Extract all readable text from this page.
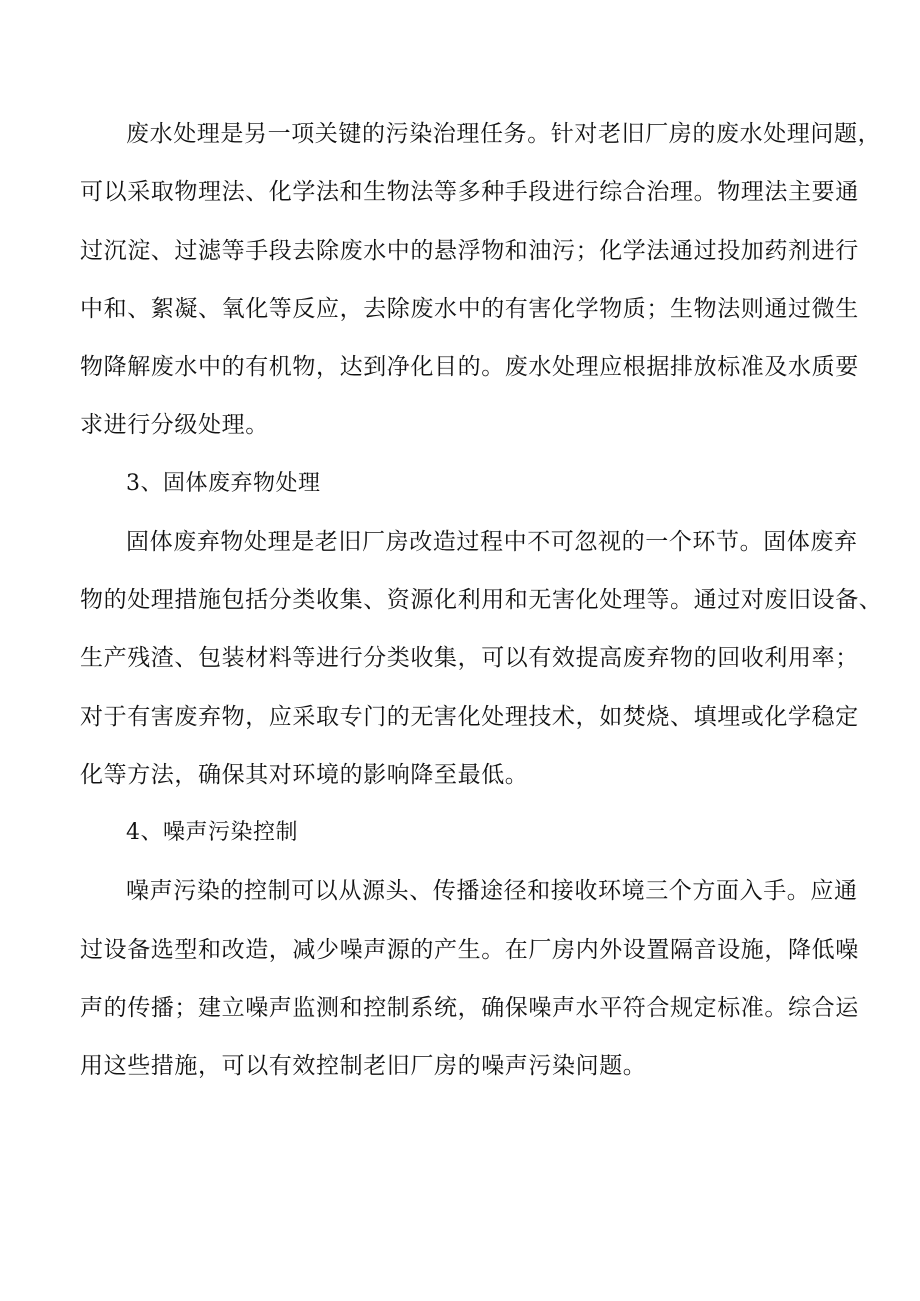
废水处理是另一项关键的污染治理任务。针对老旧厂房的废水处理问题，
可以采取物理法、化学法和生物法等多种手段进行综合治理。物理法主要通
过沉淀、过滤等手段去除废水中的悬浮物和油污；化学法通过投加药剂进行
中和、絮凝、氧化等反应，去除废水中的有害化学物质；生物法则通过微生
物降解废水中的有机物，达到净化目的。废水处理应根据排放标准及水质要
求进行分级处理。

3、固体废弃物处理

固体废弃物处理是老旧厂房改造过程中不可忽视的一个环节。固体废弃
物的处理措施包括分类收集、资源化利用和无害化处理等。通过对废旧设备、
生产残渣、包装材料等进行分类收集，可以有效提高废弃物的回收利用率；
对于有害废弃物，应采取专门的无害化处理技术，如焚烧、填埋或化学稳定
化等方法，确保其对环境的影响降至最低。

4、噪声污染控制

噪声污染的控制可以从源头、传播途径和接收环境三个方面入手。应通
过设备选型和改造，减少噪声源的产生。在厂房内外设置隔音设施，降低噪
声的传播；建立噪声监测和控制系统，确保噪声水平符合规定标准。综合运
用这些措施，可以有效控制老旧厂房的噪声污染问题。
